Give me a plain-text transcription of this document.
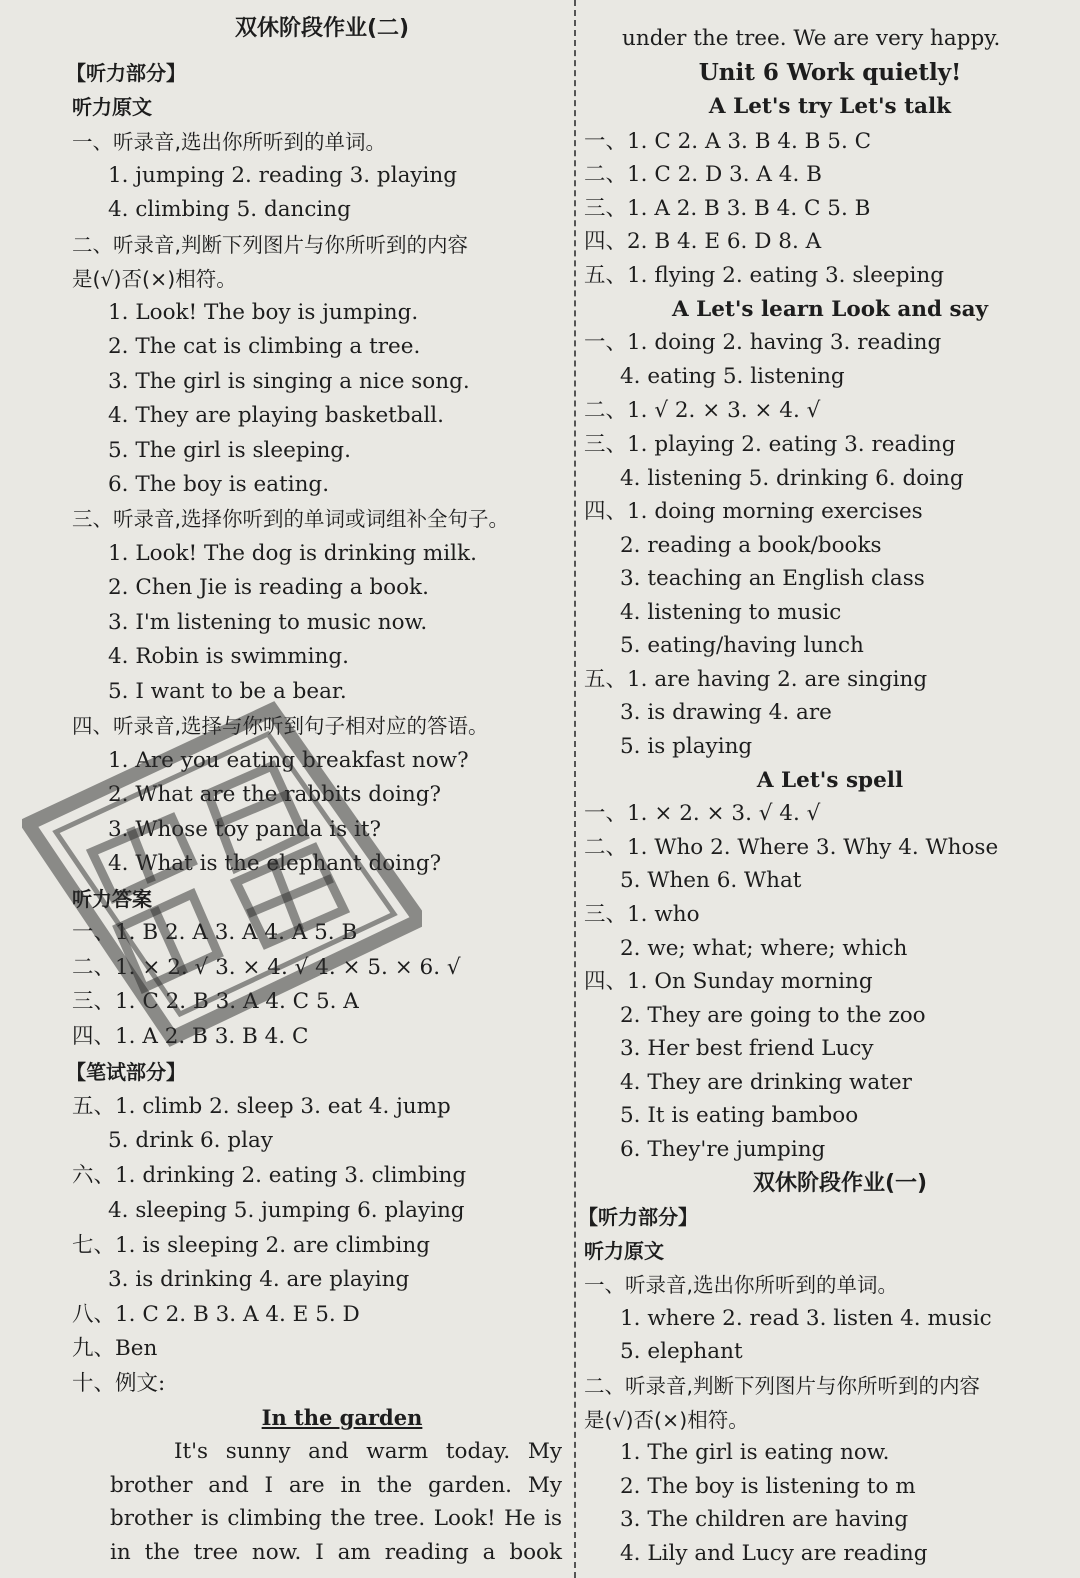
双休阶段作业(二)
【听力部分】
听力原文
一、听录音,选出你所听到的单词。
1. jumping 2. reading 3. playing
4. climbing 5. dancing
二、听录音,判断下列图片与你所听到的内容
是(√)否(×)相符。
1. Look! The boy is jumping.
2. The cat is climbing a tree.
3. The girl is singing a nice song.
4. They are playing basketball.
5. The girl is sleeping.
6. The boy is eating.
三、听录音,选择你听到的单词或词组补全句子。
1. Look! The dog is drinking milk.
2. Chen Jie is reading a book.
3. I'm listening to music now.
4. Robin is swimming.
5. I want to be a bear.
四、听录音,选择与你听到句子相对应的答语。
1. Are you eating breakfast now?
2. What are the rabbits doing?
3. Whose toy panda is it?
4. What is the elephant doing?
听力答案
一、1. B 2. A 3. A 4. A 5. B
二、1. × 2. √ 3. × 4. √ 4. × 5. × 6. √
三、1. C 2. B 3. A 4. C 5. A
四、1. A 2. B 3. B 4. C
【笔试部分】
五、1. climb 2. sleep 3. eat 4. jump
5. drink 6. play
六、1. drinking 2. eating 3. climbing
4. sleeping 5. jumping 6. playing
七、1. is sleeping 2. are climbing
3. is drinking 4. are playing
八、1. C 2. B 3. A 4. E 5. D
九、Ben
十、例文:
In the garden

It's sunny and warm today. My

brother and I are in the garden. My

brother is climbing the tree. Look! He is

in the tree now. I am reading a book

under the tree. We are very happy.
Unit 6 Work quietly!
A Let's try Let's talk
一、1. C 2. A 3. B 4. B 5. C
二、1. C 2. D 3. A 4. B
三、1. A 2. B 3. B 4. C 5. B
四、2. B 4. E 6. D 8. A
五、1. flying 2. eating 3. sleeping
A Let's learn Look and say
一、1. doing 2. having 3. reading
4. eating 5. listening
二、1. √ 2. × 3. × 4. √
三、1. playing 2. eating 3. reading
4. listening 5. drinking 6. doing
四、1. doing morning exercises
2. reading a book/books
3. teaching an English class
4. listening to music
5. eating/having lunch
五、1. are having 2. are singing
3. is drawing 4. are
5. is playing
A Let's spell
一、1. × 2. × 3. √ 4. √
二、1. Who 2. Where 3. Why 4. Whose
5. When 6. What
三、1. who
2. we; what; where; which
四、1. On Sunday morning
2. They are going to the zoo
3. Her best friend Lucy
4. They are drinking water
5. It is eating bamboo
6. They're jumping
双休阶段作业(一)
【听力部分】
听力原文
一、听录音,选出你所听到的单词。
1. where 2. read 3. listen 4. music
5. elephant
二、听录音,判断下列图片与你所听到的内容
是(√)否(×)相符。
1. The girl is eating now.
2. The boy is listening to m
3. The children are having
4. Lily and Lucy are reading
